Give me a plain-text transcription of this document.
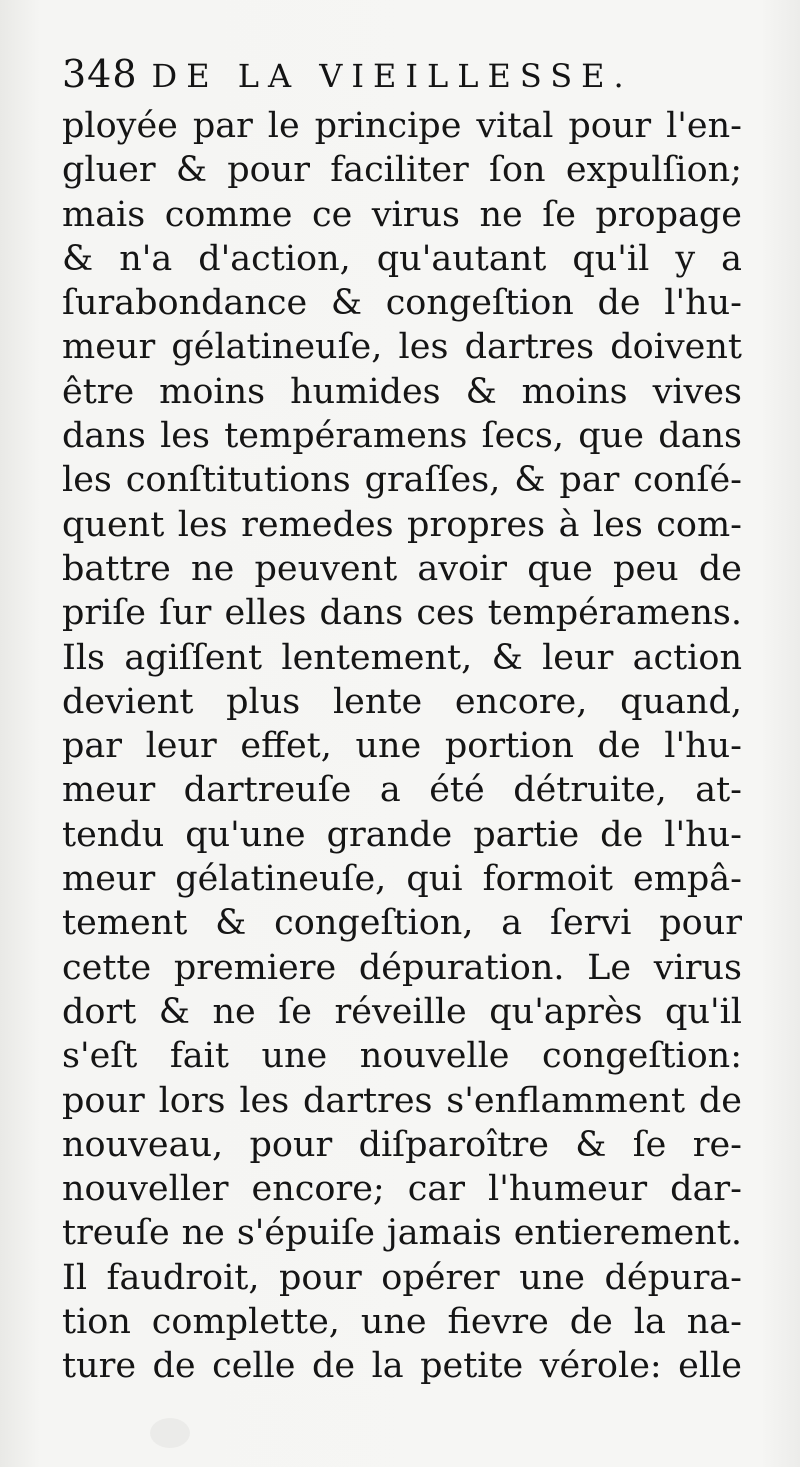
348 DE LA VIEILLESSE.
ployée par le principe vital pour l'en-
gluer & pour faciliter ſon expulſion;
mais comme ce virus ne ſe propage
& n'a d'action, qu'autant qu'il y a
ſurabondance & congeſtion de l'hu-
meur gélatineuſe, les dartres doivent
être moins humides & moins vives
dans les tempéramens ſecs, que dans
les conſtitutions graſſes, & par conſé-
quent les remedes propres à les com-
battre ne peuvent avoir que peu de
priſe ſur elles dans ces tempéramens.
Ils agiſſent lentement, & leur action
devient plus lente encore, quand,
par leur effet, une portion de l'hu-
meur dartreuſe a été détruite, at-
tendu qu'une grande partie de l'hu-
meur gélatineuſe, qui formoit empâ-
tement & congeſtion, a ſervi pour
cette premiere dépuration. Le virus
dort & ne ſe réveille qu'après qu'il
s'eſt fait une nouvelle congeſtion:
pour lors les dartres s'enflamment de
nouveau, pour diſparoître & ſe re-
nouveller encore; car l'humeur dar-
treuſe ne s'épuiſe jamais entierement.
Il faudroit, pour opérer une dépura-
tion complette, une fievre de la na-
ture de celle de la petite vérole: elle
